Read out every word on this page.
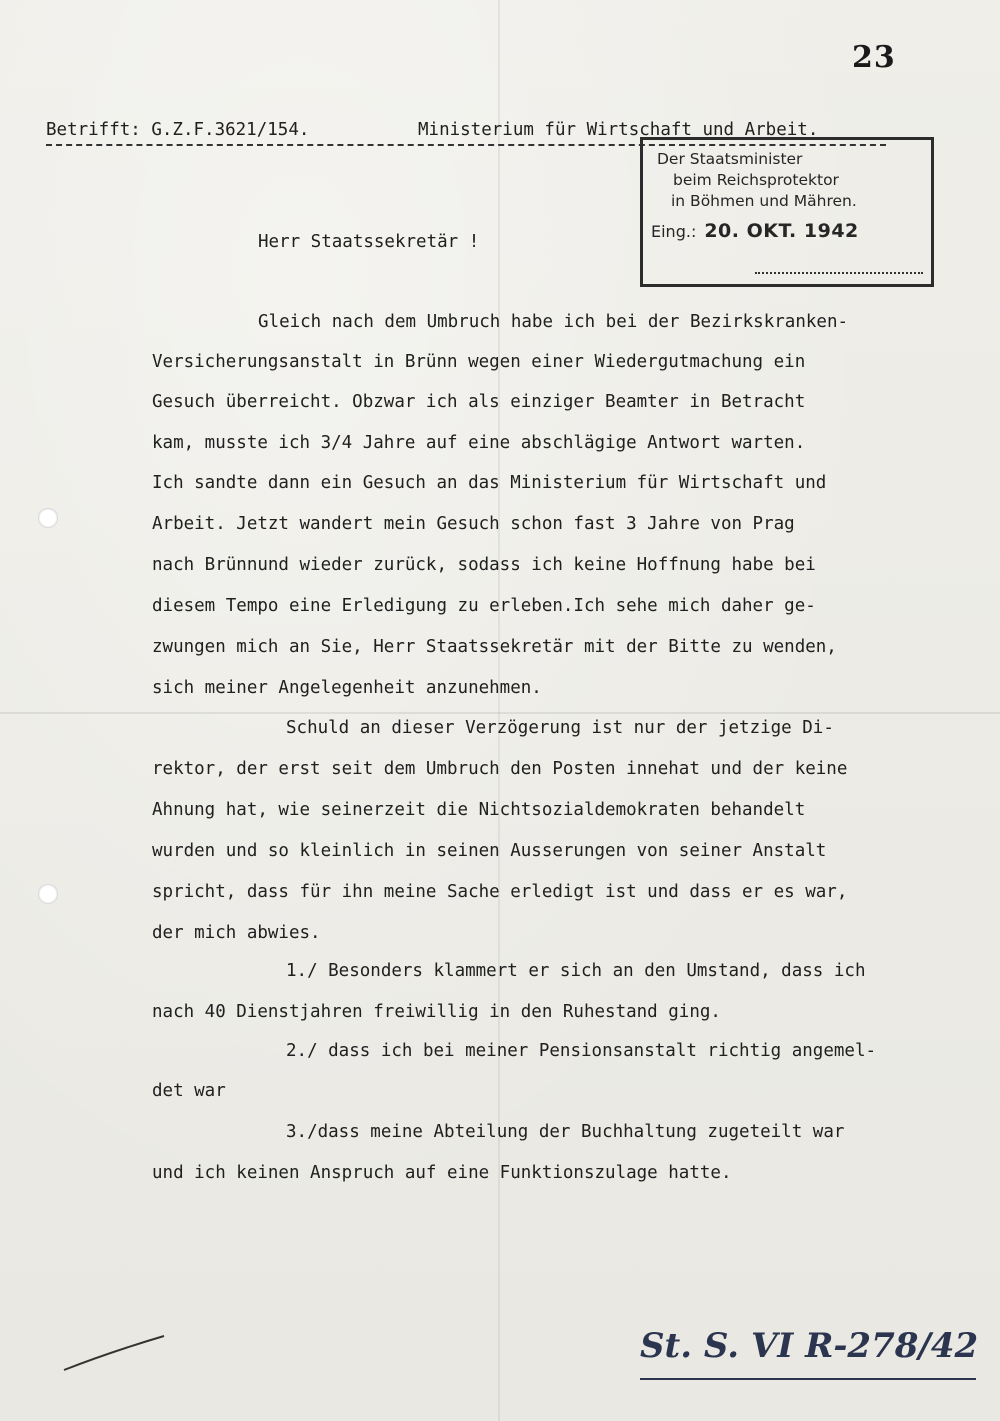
23
Betrifft: G.Z.F.3621/154.	Ministerium für Wirtschaft und Arbeit.
Der Staatsminister
beim Reichsprotektor
in Böhmen und Mähren.
Eing.: 20. OKT. 1942
Herr Staatssekretär !
Gleich nach dem Umbruch habe ich bei der Bezirkskranken-
Versicherungsanstalt in Brünn wegen einer Wiedergutmachung ein
Gesuch überreicht. Obzwar ich als einziger Beamter in Betracht
kam, musste ich 3/4 Jahre auf eine abschlägige Antwort warten.
Ich sandte dann ein Gesuch an das Ministerium für Wirtschaft und
Arbeit. Jetzt wandert mein Gesuch schon fast 3 Jahre von Prag
nach Brünnund wieder zurück, sodass ich keine Hoffnung habe bei
diesem Tempo eine Erledigung zu erleben.Ich sehe mich daher ge-
zwungen mich an Sie, Herr Staatssekretär mit der Bitte zu wenden,
sich meiner Angelegenheit anzunehmen.
Schuld an dieser Verzögerung ist nur der jetzige Di-
rektor, der erst seit dem Umbruch den Posten innehat und der keine
Ahnung hat, wie seinerzeit die Nichtsozialdemokraten behandelt
wurden und so kleinlich in seinen Ausserungen von seiner Anstalt
spricht, dass für ihn meine Sache erledigt ist und dass er es war,
der mich abwies.
1./ Besonders klammert er sich an den Umstand, dass ich
nach 40 Dienstjahren freiwillig in den Ruhestand ging.
2./ dass ich bei meiner Pensionsanstalt richtig angemel-
det war
3./dass meine Abteilung der Buchhaltung zugeteilt war
und ich keinen Anspruch auf eine Funktionszulage hatte.
St. S. VI R-278/42
